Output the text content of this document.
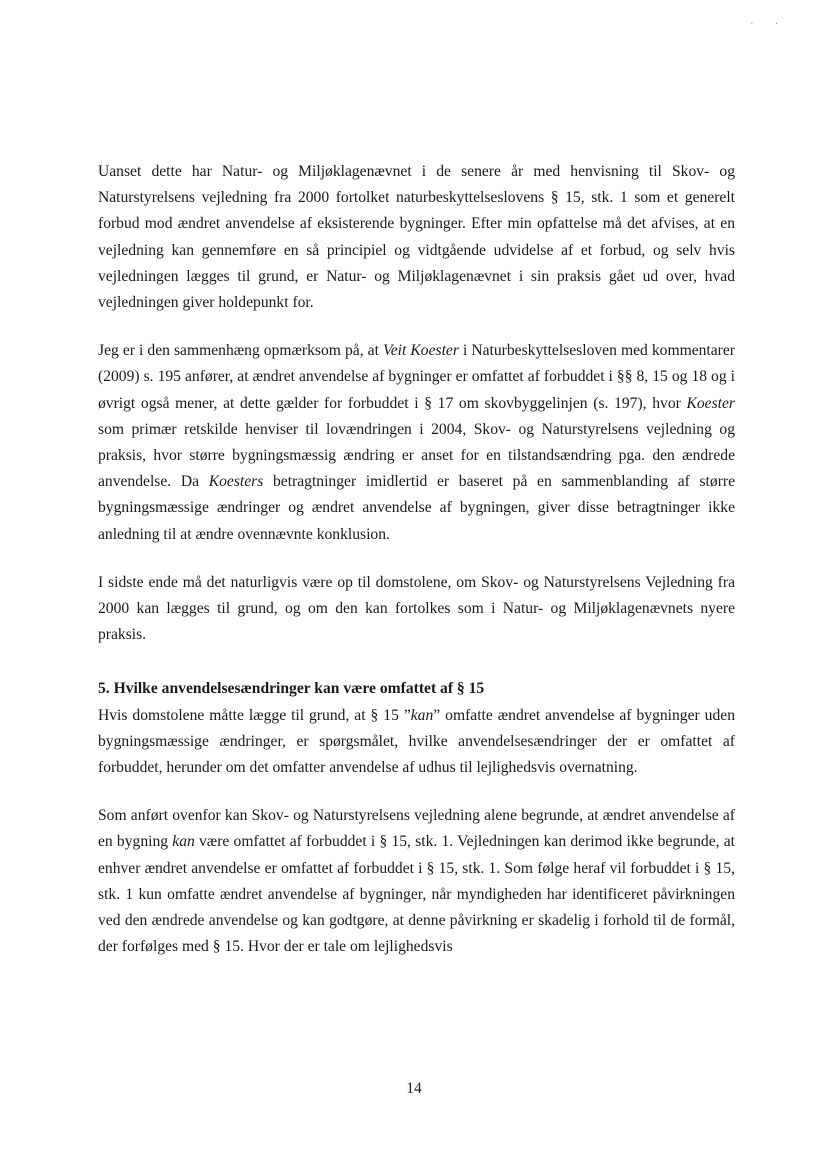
ˑˑ

Uanset dette har Natur- og Miljøklagenævnet i de senere år med henvisning til Skov- og Naturstyrelsens vejledning fra 2000 fortolket naturbeskyttelseslovens § 15, stk. 1 som et generelt forbud mod ændret anvendelse af eksisterende bygninger. Efter min opfattelse må det afvises, at en vejledning kan gennemføre en så principiel og vidtgående udvidelse af et forbud, og selv hvis vejledningen lægges til grund, er Natur- og Miljøklagenævnet i sin praksis gået ud over, hvad vejledningen giver holdepunkt for.

Jeg er i den sammenhæng opmærksom på, at Veit Koester i Naturbeskyttelsesloven med kommentarer (2009) s. 195 anfører, at ændret anvendelse af bygninger er omfattet af forbuddet i §§ 8, 15 og 18 og i øvrigt også mener, at dette gælder for forbuddet i § 17 om skovbyggelinjen (s. 197), hvor Koester som primær retskilde henviser til lovændringen i 2004, Skov- og Naturstyrelsens vejledning og praksis, hvor større bygningsmæssig ændring er anset for en tilstandsændring pga. den ændrede anvendelse. Da Koesters betragtninger imidlertid er baseret på en sammenblanding af større bygningsmæssige ændringer og ændret anvendelse af bygningen, giver disse betragtninger ikke anledning til at ændre ovennævnte konklusion.

I sidste ende må det naturligvis være op til domstolene, om Skov- og Naturstyrelsens Vejledning fra 2000 kan lægges til grund, og om den kan fortolkes som i Natur- og Miljøklagenævnets nyere praksis.

5. Hvilke anvendelsesændringer kan være omfattet af § 15

Hvis domstolene måtte lægge til grund, at § 15 ”kan” omfatte ændret anvendelse af bygninger uden bygningsmæssige ændringer, er spørgsmålet, hvilke anvendelsesændringer der er omfattet af forbuddet, herunder om det omfatter anvendelse af udhus til lejlighedsvis overnatning.

Som anført ovenfor kan Skov- og Naturstyrelsens vejledning alene begrunde, at ændret anvendelse af en bygning kan være omfattet af forbuddet i § 15, stk. 1. Vejledningen kan derimod ikke begrunde, at enhver ændret anvendelse er omfattet af forbuddet i § 15, stk. 1. Som følge heraf vil forbuddet i § 15, stk. 1 kun omfatte ændret anvendelse af bygninger, når myndigheden har identificeret påvirkningen ved den ændrede anvendelse og kan godtgøre, at denne påvirkning er skadelig i forhold til de formål, der forfølges med § 15. Hvor der er tale om lejlighedsvis

14
